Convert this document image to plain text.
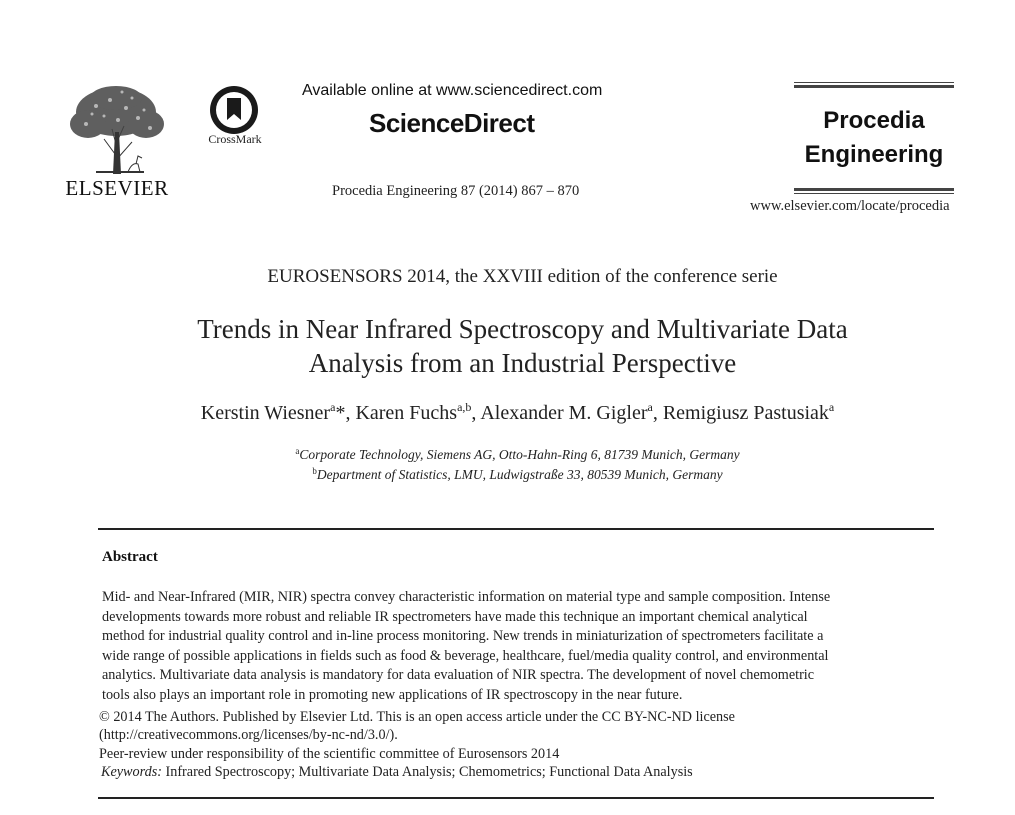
ELSEVIER
CrossMark
Available online at www.sciencedirect.com
ScienceDirect
Procedia Engineering 87 (2014) 867 – 870
Procedia
Engineering
www.elsevier.com/locate/procedia
EUROSENSORS 2014, the XXVIII edition of the conference serie
Trends in Near Infrared Spectroscopy and Multivariate Data
Analysis from an Industrial Perspective
Kerstin Wiesner$^a$*, Karen Fuchs$^{a,b}$, Alexander M. Gigler$^a$, Remigiusz Pastusiak$^a$
$^a$Corporate Technology, Siemens AG, Otto-Hahn-Ring 6, 81739 Munich, Germany
$^b$Department of Statistics, LMU, Ludwigstraße 33, 80539 Munich, Germany
Abstract
Mid- and Near-Infrared (MIR, NIR) spectra convey characteristic information on material type and sample composition. Intense
developments towards more robust and reliable IR spectrometers have made this technique an important chemical analytical
method for industrial quality control and in-line process monitoring. New trends in miniaturization of spectrometers facilitate a
wide range of possible applications in fields such as food & beverage, healthcare, fuel/media quality control, and environmental
analytics. Multivariate data analysis is mandatory for data evaluation of NIR spectra. The development of novel chemometric
tools also plays an important role in promoting new applications of IR spectroscopy in the near future.
© 2014 The Authors. Published by Elsevier Ltd. This is an open access article under the CC BY-NC-ND license
(http://creativecommons.org/licenses/by-nc-nd/3.0/).
Peer-review under responsibility of the scientific committee of Eurosensors 2014
Keywords: Infrared Spectroscopy; Multivariate Data Analysis; Chemometrics; Functional Data Analysis
